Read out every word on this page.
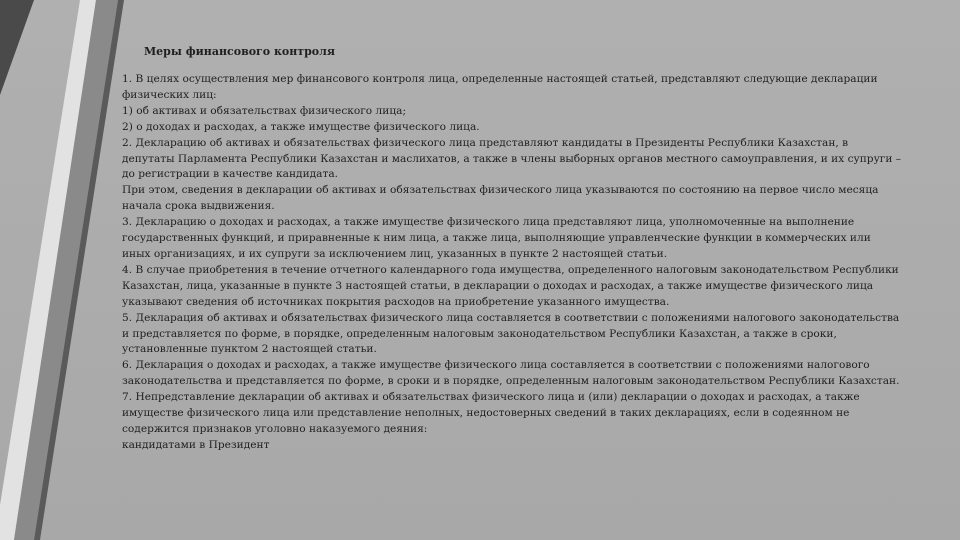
Меры финансового контроля

1. В целях осуществления мер финансового контроля лица, определенные настоящей статьей, представляют следующие декларации физических лиц:

1) об активах и обязательствах физического лица;

2) о доходах и расходах, а также имуществе физического лица.

2. Декларацию об активах и обязательствах физического лица представляют кандидаты в Президенты Республики Казахстан, в депутаты Парламента Республики Казахстан и маслихатов, а также в члены выборных органов местного самоуправления, и их супруги – до регистрации в качестве кандидата.

При этом, сведения в декларации об активах и обязательствах физического лица указываются по состоянию на первое число месяца начала срока выдвижения.

3. Декларацию о доходах и расходах, а также имуществе физического лица представляют лица, уполномоченные на выполнение государственных функций, и приравненные к ним лица, а также лица, выполняющие управленческие функции в коммерческих или иных организациях, и их супруги за исключением лиц, указанных в пункте 2 настоящей статьи.

4. В случае приобретения в течение отчетного календарного года имущества, определенного налоговым законодательством Республики Казахстан, лица, указанные в пункте 3 настоящей статьи, в декларации о доходах и расходах, а также имуществе физического лица указывают сведения об источниках покрытия расходов на приобретение указанного имущества.

5. Декларация об активах и обязательствах физического лица составляется в соответствии с положениями налогового законодательства и представляется по форме, в порядке, определенным налоговым законодательством Республики Казахстан, а также в сроки, установленные пунктом 2 настоящей статьи.

6. Декларация о доходах и расходах, а также имуществе физического лица составляется в соответствии с положениями налогового законодательства и представляется по форме, в сроки и в порядке, определенным налоговым законодательством Республики Казахстан.

7. Непредставление декларации об активах и обязательствах физического лица и (или) декларации о доходах и расходах, а также имуществе физического лица или представление неполных, недостоверных сведений в таких декларациях, если в содеянном не содержится признаков уголовно наказуемого деяния:

кандидатами в Президент
